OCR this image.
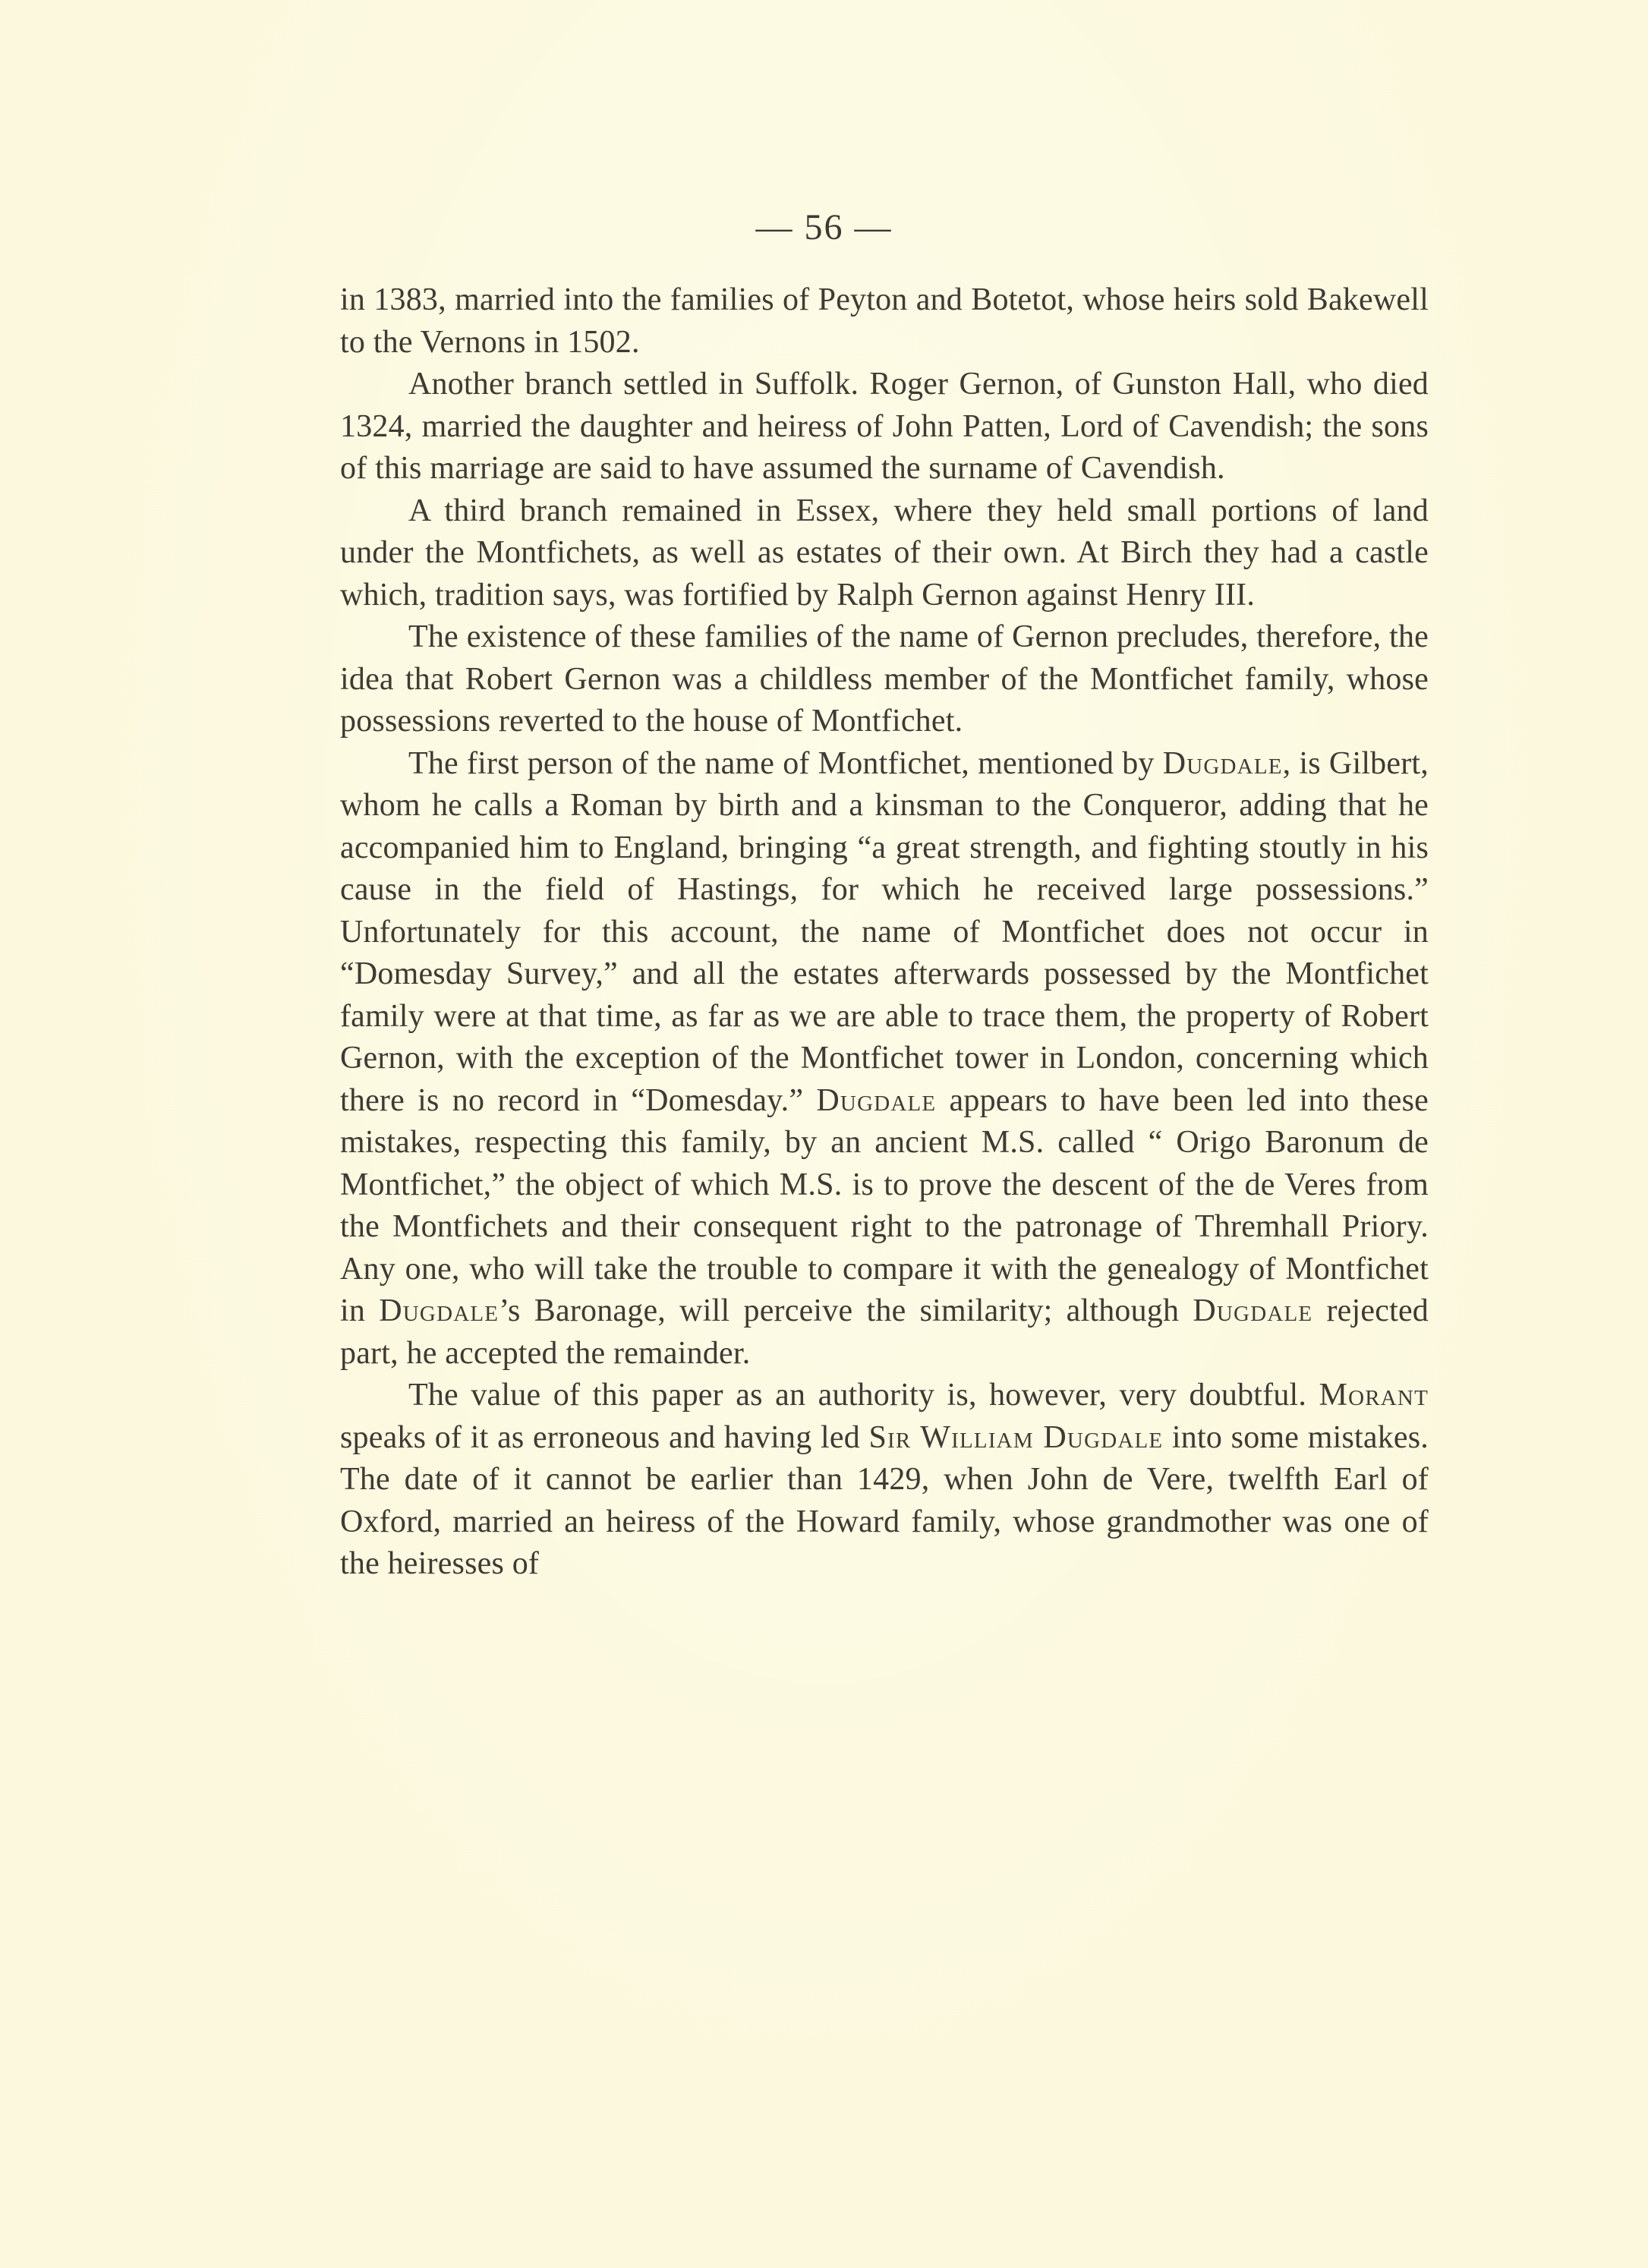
— 56 —

in 1383, married into the families of Peyton and Botetot, whose heirs sold Bakewell to the Vernons in 1502.

Another branch settled in Suffolk. Roger Gernon, of Gunston Hall, who died 1324, married the daughter and heiress of John Patten, Lord of Cavendish; the sons of this marriage are said to have assumed the surname of Cavendish.

A third branch remained in Essex, where they held small portions of land under the Montfichets, as well as estates of their own. At Birch they had a castle which, tradition says, was fortified by Ralph Gernon against Henry III.

The existence of these families of the name of Gernon precludes, therefore, the idea that Robert Gernon was a childless member of the Montfichet family, whose possessions reverted to the house of Montfichet.

The first person of the name of Montfichet, mentioned by Dugdale, is Gilbert, whom he calls a Roman by birth and a kinsman to the Conqueror, adding that he accompanied him to England, bringing “a great strength, and fighting stoutly in his cause in the field of Hastings, for which he received large possessions.” Unfortunately for this account, the name of Montfichet does not occur in “Domesday Survey,” and all the estates afterwards possessed by the Montfichet family were at that time, as far as we are able to trace them, the property of Robert Gernon, with the exception of the Montfichet tower in London, concerning which there is no record in “Domesday.” Dugdale appears to have been led into these mistakes, respecting this family, by an ancient M.S. called “ Origo Baronum de Montfichet,” the object of which M.S. is to prove the descent of the de Veres from the Montfichets and their consequent right to the patronage of Thremhall Priory. Any one, who will take the trouble to compare it with the genealogy of Montfichet in Dugdale’s Baronage, will perceive the similarity; although Dugdale rejected part, he accepted the remainder.

The value of this paper as an authority is, however, very doubtful. Morant speaks of it as erroneous and having led Sir William Dugdale into some mistakes. The date of it cannot be earlier than 1429, when John de Vere, twelfth Earl of Oxford, married an heiress of the Howard family, whose grandmother was one of the heiresses of
